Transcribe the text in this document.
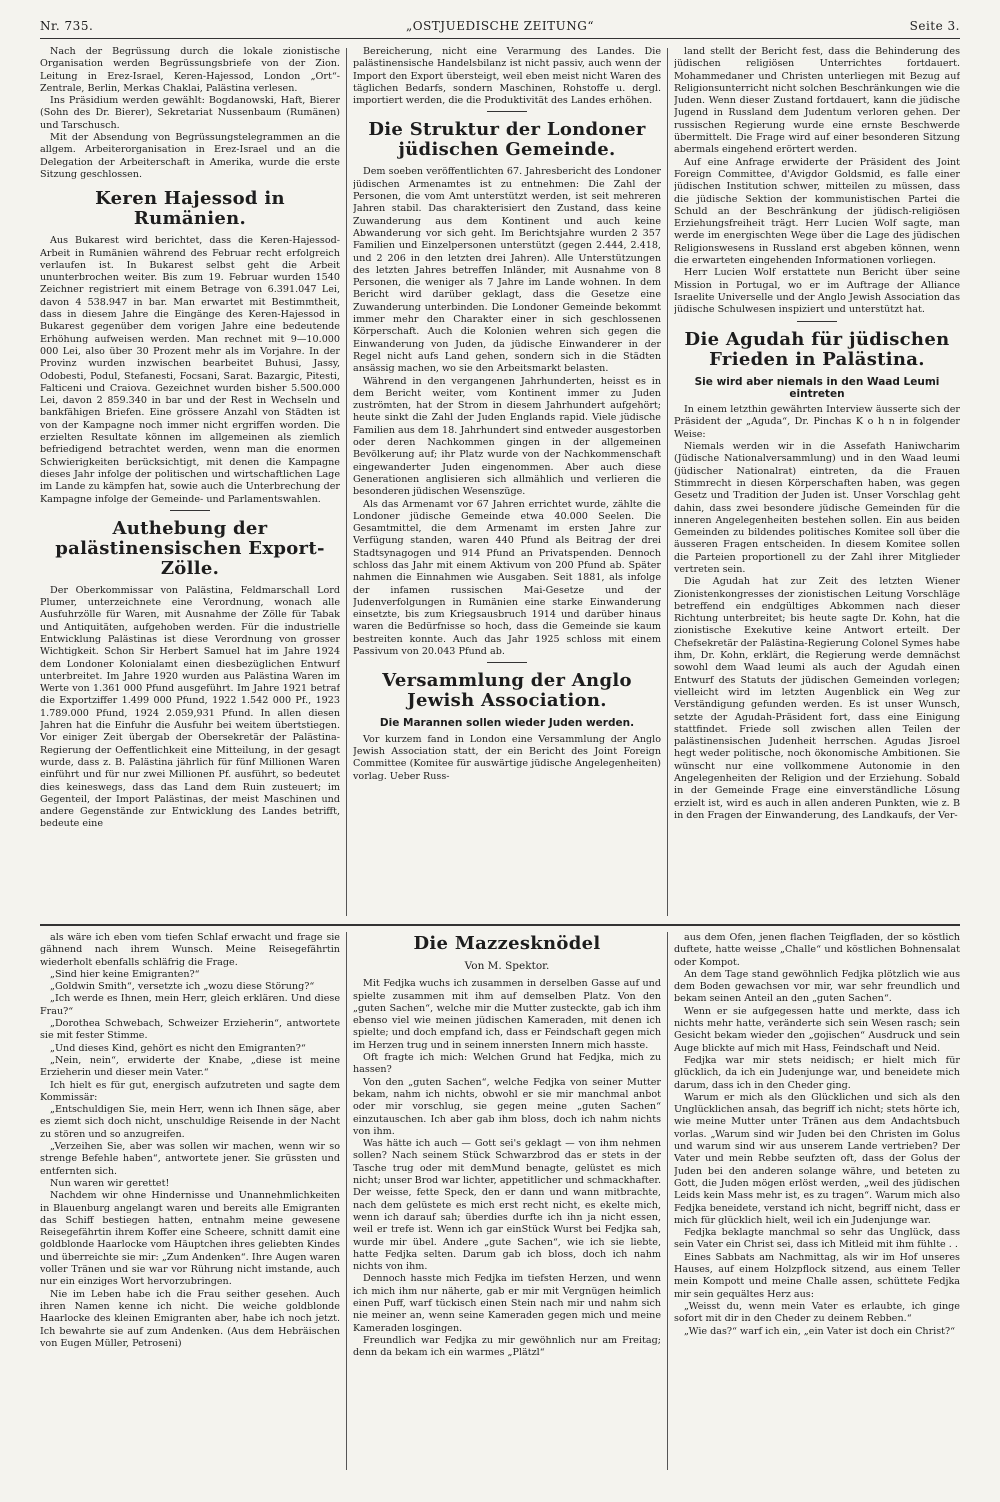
Nr. 735.	„OSTJUEDISCHE ZEITUNG“	Seite 3.

Nach der Begrüssung durch die lokale zionistische Organisation werden Begrüssungsbriefe von der Zion. Leitung in Erez-Israel, Keren-Hajessod, London „Ort“-Zentrale, Berlin, Merkas Chaklai, Palästina verlesen.

Ins Präsidium werden gewählt: Bogdanowski, Haft, Bierer (Sohn des Dr. Bierer), Sekretariat Nussenbaum (Rumänen) und Tarschusch.

Mit der Absendung von Begrüssungstelegrammen an die allgem. Arbeiterorganisation in Erez-Israel und an die Delegation der Arbeiterschaft in Amerika, wurde die erste Sitzung geschlossen.

Keren Hajessod in Rumänien.

Aus Bukarest wird berichtet, dass die Keren-Hajessod-Arbeit in Rumänien während des Februar recht erfolgreich verlaufen ist. In Bukarest selbst geht die Arbeit ununterbrochen weiter. Bis zum 19. Februar wurden 1540 Zeichner registriert mit einem Betrage von 6.391.047 Lei, davon 4 538.947 in bar. Man erwartet mit Bestimmtheit, dass in diesem Jahre die Eingänge des Keren-Hajessod in Bukarest gegenüber dem vorigen Jahre eine bedeutende Erhöhung aufweisen werden. Man rechnet mit 9—10.000 000 Lei, also über 30 Prozent mehr als im Vorjahre. In der Provinz wurden inzwischen bearbeitet Buhusi, Jassy, Odobesti, Podul, Stefanesti, Focsani, Sarat. Bazargic, Pitesti, Falticeni und Craiova. Gezeichnet wurden bisher 5.500.000 Lei, davon 2 859.340 in bar und der Rest in Wechseln und bankfähigen Briefen. Eine grössere Anzahl von Städten ist von der Kampagne noch immer nicht ergriffen worden. Die erzielten Resultate können im allgemeinen als ziemlich befriedigend betrachtet werden, wenn man die enormen Schwierigkeiten berücksichtigt, mit denen die Kampagne dieses Jahr infolge der politischen und wirtschaftlichen Lage im Lande zu kämpfen hat, sowie auch die Unterbrechung der Kampagne infolge der Gemeinde- und Parlamentswahlen.

Authebung der palästinensischen Export-Zölle.

Der Oberkommissar von Palästina, Feldmarschall Lord Plumer, unterzeichnete eine Verordnung, wonach alle Ausfuhrzölle für Waren, mit Ausnahme der Zölle für Tabak und Antiquitäten, aufgehoben werden. Für die industrielle Entwicklung Palästinas ist diese Verordnung von grosser Wichtigkeit. Schon Sir Herbert Samuel hat im Jahre 1924 dem Londoner Kolonialamt einen diesbezüglichen Entwurf unterbreitet. Im Jahre 1920 wurden aus Palästina Waren im Werte von 1.361 000 Pfund ausgeführt. Im Jahre 1921 betraf die Exportziffer 1.499 000 Pfund, 1922 1.542 000 Pf., 1923 1.789.000 Pfund, 1924 2.059,931 Pfund. In allen diesen Jahren hat die Einfuhr die Ausfuhr bei weitem übertstiegen. Vor einiger Zeit übergab der Obersekretär der Palästina-Regierung der Oeffentlichkeit eine Mitteilung, in der gesagt wurde, dass z. B. Palästina jährlich für fünf Millionen Waren einführt und für nur zwei Millionen Pf. ausführt, so bedeutet dies keineswegs, dass das Land dem Ruin zusteuert; im Gegenteil, der Import Palästinas, der meist Maschinen und andere Gegenstände zur Entwicklung des Landes betrifft, bedeute eine

Bereicherung, nicht eine Verarmung des Landes. Die palästinensische Handelsbilanz ist nicht passiv, auch wenn der Import den Export übersteigt, weil eben meist nicht Waren des täglichen Bedarfs, sondern Maschinen, Rohstoffe u. dergl. importiert werden, die die Produktivität des Landes erhöhen.

Die Struktur der Londoner jüdischen Gemeinde.

Dem soeben veröffentlichten 67. Jahresbericht des Londoner jüdischen Armenamtes ist zu entnehmen: Die Zahl der Personen, die vom Amt unterstützt werden, ist seit mehreren Jahren stabil. Das charakterisiert den Zustand, dass keine Zuwanderung aus dem Kontinent und auch keine Abwanderung vor sich geht. Im Berichtsjahre wurden 2 357 Familien und Einzelpersonen unterstützt (gegen 2.444, 2.418, und 2 206 in den letzten drei Jahren). Alle Unterstützungen des letzten Jahres betreffen Inländer, mit Ausnahme von 8 Personen, die weniger als 7 Jahre im Lande wohnen. In dem Bericht wird darüber geklagt, dass die Gesetze eine Zuwanderung unterbinden. Die Londoner Gemeinde bekommt immer mehr den Charakter einer in sich geschlossenen Körperschaft. Auch die Kolonien wehren sich gegen die Einwanderung von Juden, da jüdische Einwanderer in der Regel nicht aufs Land gehen, sondern sich in die Städten ansässig machen, wo sie den Arbeitsmarkt belasten.

Während in den vergangenen Jahrhunderten, heisst es in dem Bericht weiter, vom Kontinent immer zu Juden zuströmten, hat der Strom in diesem Jahrhundert aufgehört; heute sinkt die Zahl der Juden Englands rapid. Viele jüdische Familien aus dem 18. Jahrhundert sind entweder ausgestorben oder deren Nachkommen gingen in der allgemeinen Bevölkerung auf; ihr Platz wurde von der Nachkommenschaft eingewanderter Juden eingenommen. Aber auch diese Generationen anglisieren sich allmählich und verlieren die besonderen jüdischen Wesenszüge.

Als das Armenamt vor 67 Jahren errichtet wurde, zählte die Londoner jüdische Gemeinde etwa 40.000 Seelen. Die Gesamtmittel, die dem Armenamt im ersten Jahre zur Verfügung standen, waren 440 Pfund als Beitrag der drei Stadtsynagogen und 914 Pfund an Privatspenden. Dennoch schloss das Jahr mit einem Aktivum von 200 Pfund ab. Später nahmen die Einnahmen wie Ausgaben. Seit 1881, als infolge der infamen russischen Mai-Gesetze und der Judenverfolgungen in Rumänien eine starke Einwanderung einsetzte, bis zum Kriegsausbruch 1914 und darüber hinaus waren die Bedürfnisse so hoch, dass die Gemeinde sie kaum bestreiten konnte. Auch das Jahr 1925 schloss mit einem Passivum von 20.043 Pfund ab.

Versammlung der Anglo Jewish Association.
Die Marannen sollen wieder Juden werden.

Vor kurzem fand in London eine Versammlung der Anglo Jewish Association statt, der ein Bericht des Joint Foreign Committee (Komitee für auswärtige jüdische Angelegenheiten) vorlag. Ueber Russ-

land stellt der Bericht fest, dass die Behinderung des jüdischen religiösen Unterrichtes fortdauert. Mohammedaner und Christen unterliegen mit Bezug auf Religionsunterricht nicht solchen Beschränkungen wie die Juden. Wenn dieser Zustand fortdauert, kann die jüdische Jugend in Russland dem Judentum verloren gehen. Der russischen Regierung wurde eine ernste Beschwerde übermittelt. Die Frage wird auf einer besonderen Sitzung abermals eingehend erörtert werden.

Auf eine Anfrage erwiderte der Präsident des Joint Foreign Committee, d'Avigdor Goldsmid, es falle einer jüdischen Institution schwer, mitteilen zu müssen, dass die jüdische Sektion der kommunistischen Partei die Schuld an der Beschränkung der jüdisch-religiösen Erziehungsfreiheit trägt. Herr Lucien Wolf sagte, man werde im energischten Wege über die Lage des jüdischen Religionswesens in Russland erst abgeben können, wenn die erwarteten eingehenden Informationen vorliegen.

Herr Lucien Wolf erstattete nun Bericht über seine Mission in Portugal, wo er im Auftrage der Alliance Israelite Universelle und der Anglo Jewish Association das jüdische Schulwesen inspiziert und unterstützt hat.

Die Agudah für jüdischen Frieden in Palästina.
Sie wird aber niemals in den Waad Leumi eintreten

In einem letzthin gewährten Interview äusserte sich der Präsident der „Aguda“, Dr. Pinchas K o h n in folgender Weise:

Niemals werden wir in die Assefath Haniwcharim (Jüdische Nationalversammlung) und in den Waad leumi (jüdischer Nationalrat) eintreten, da die Frauen Stimmrecht in diesen Körperschaften haben, was gegen Gesetz und Tradition der Juden ist. Unser Vorschlag geht dahin, dass zwei besondere jüdische Gemeinden für die inneren Angelegenheiten bestehen sollen. Ein aus beiden Gemeinden zu bildendes politisches Komitee soll über die äusseren Fragen entscheiden. In diesem Komitee sollen die Parteien proportionell zu der Zahl ihrer Mitglieder vertreten sein.

Die Agudah hat zur Zeit des letzten Wiener Zionistenkongresses der zionistischen Leitung Vorschläge betreffend ein endgültiges Abkommen nach dieser Richtung unterbreitet; bis heute sagte Dr. Kohn, hat die zionistische Exekutive keine Antwort erteilt. Der Chefsekretär der Palästina-Regierung Colonel Symes habe ihm, Dr. Kohn, erklärt, die Regierung werde demnächst sowohl dem Waad leumi als auch der Agudah einen Entwurf des Statuts der jüdischen Gemeinden vorlegen; vielleicht wird im letzten Augenblick ein Weg zur Verständigung gefunden werden. Es ist unser Wunsch, setzte der Agudah-Präsident fort, dass eine Einigung stattfindet. Friede soll zwischen allen Teilen der palästinensischen Judenheit herrschen. Agudas Jisroel hegt weder politische, noch ökonomische Ambitionen. Sie wünscht nur eine vollkommene Autonomie in den Angelegenheiten der Religion und der Erziehung. Sobald in der Gemeinde Frage eine einverständliche Lösung erzielt ist, wird es auch in allen anderen Punkten, wie z. B in den Fragen der Einwanderung, des Landkaufs, der Ver-

als wäre ich eben vom tiefen Schlaf erwacht und frage sie gähnend nach ihrem Wunsch. Meine Reisegefährtin wiederholt ebenfalls schläfrig die Frage.

„Sind hier keine Emigranten?“

„Goldwin Smith“, versetzte ich „wozu diese Störung?“

„Ich werde es Ihnen, mein Herr, gleich erklären. Und diese Frau?“

„Dorothea Schwebach, Schweizer Erzieherin“, antwortete sie mit fester Stimme.

„Und dieses Kind, gehört es nicht den Emigranten?“

„Nein, nein“, erwiderte der Knabe, „diese ist meine Erzieherin und dieser mein Vater.“

Ich hielt es für gut, energisch aufzutreten und sagte dem Kommissär:

„Entschuldigen Sie, mein Herr, wenn ich Ihnen säge, aber es ziemt sich doch nicht, unschuldige Reisende in der Nacht zu stören und so anzugreifen.

„Verzeihen Sie, aber was sollen wir machen, wenn wir so strenge Befehle haben“, antwortete jener. Sie grüssten und entfernten sich.

Nun waren wir gerettet!

Nachdem wir ohne Hindernisse und Unannehmlichkeiten in Blauenburg angelangt waren und bereits alle Emigranten das Schiff bestiegen hatten, entnahm meine gewesene Reisegefährtin ihrem Koffer eine Scheere, schnitt damit eine goldblonde Haarlocke vom Häuptchen ihres geliebten Kindes und überreichte sie mir: „Zum Andenken“. Ihre Augen waren voller Tränen und sie war vor Rührung nicht imstande, auch nur ein einziges Wort hervorzubringen.

Nie im Leben habe ich die Frau seither gesehen. Auch ihren Namen kenne ich nicht. Die weiche goldblonde Haarlocke des kleinen Emigranten aber, habe ich noch jetzt. Ich bewahrte sie auf zum Andenken. (Aus dem Hebräischen von Eugen Müller, Petroseni)

Die Mazzesknödel
Von M. Spektor.

Mit Fedjka wuchs ich zusammen in derselben Gasse auf und spielte zusammen mit ihm auf demselben Platz. Von den „guten Sachen“, welche mir die Mutter zusteckte, gab ich ihm ebenso viel wie meinen jüdischen Kameraden, mit denen ich spielte; und doch empfand ich, dass er Feindschaft gegen mich im Herzen trug und in seinem innersten Innern mich hasste.

Oft fragte ich mich: Welchen Grund hat Fedjka, mich zu hassen?

Von den „guten Sachen“, welche Fedjka von seiner Mutter bekam, nahm ich nichts, obwohl er sie mir manchmal anbot oder mir vorschlug, sie gegen meine „guten Sachen“ einzutauschen. Ich aber gab ihm bloss, doch ich nahm nichts von ihm.

Was hätte ich auch — Gott sei's geklagt — von ihm nehmen sollen? Nach seinem Stück Schwarzbrod das er stets in der Tasche trug oder mit demMund benagte, gelüstet es mich nicht; unser Brod war lichter, appetitlicher und schmackhafter. Der weisse, fette Speck, den er dann und wann mitbrachte, nach dem gelüstete es mich erst recht nicht, es ekelte mich, wenn ich darauf sah; überdies durfte ich ihn ja nicht essen, weil er trefe ist. Wenn ich gar einStück Wurst bei Fedjka sah, wurde mir übel. Andere „gute Sachen“, wie ich sie liebte, hatte Fedjka selten. Darum gab ich bloss, doch ich nahm nichts von ihm.

Dennoch hasste mich Fedjka im tiefsten Herzen, und wenn ich mich ihm nur näherte, gab er mir mit Vergnügen heimlich einen Puff, warf tückisch einen Stein nach mir und nahm sich nie meiner an, wenn seine Kameraden gegen mich und meine Kameraden losgingen.

Freundlich war Fedjka zu mir gewöhnlich nur am Freitag; denn da bekam ich ein warmes „Plätzl“

aus dem Ofen, jenen flachen Teigfladen, der so köstlich duftete, hatte weisse „Challe“ und köstlichen Bohnensalat oder Kompot.

An dem Tage stand gewöhnlich Fedjka plötzlich wie aus dem Boden gewachsen vor mir, war sehr freundlich und bekam seinen Anteil an den „guten Sachen“.

Wenn er sie aufgegessen hatte und merkte, dass ich nichts mehr hatte, veränderte sich sein Wesen rasch; sein Gesicht bekam wieder den „gojischen“ Ausdruck und sein Auge blickte auf mich mit Hass, Feindschaft und Neid.

Fedjka war mir stets neidisch; er hielt mich für glücklich, da ich ein Judenjunge war, und beneidete mich darum, dass ich in den Cheder ging.

Warum er mich als den Glücklichen und sich als den Unglücklichen ansah, das begriff ich nicht; stets hörte ich, wie meine Mutter unter Tränen aus dem Andachtsbuch vorlas. „Warum sind wir Juden bei den Christen im Golus und warum sind wir aus unserem Lande vertrieben? Der Vater und mein Rebbe seufzten oft, dass der Golus der Juden bei den anderen solange währe, und beteten zu Gott, die Juden mögen erlöst werden, „weil des jüdischen Leids kein Mass mehr ist, es zu tragen“. Warum mich also Fedjka beneidete, verstand ich nicht, begriff nicht, dass er mich für glücklich hielt, weil ich ein Judenjunge war.

Fedjka beklagte manchmal so sehr das Unglück, dass sein Vater ein Christ sei, dass ich Mitleid mit ihm fühlte . .

Eines Sabbats am Nachmittag, als wir im Hof unseres Hauses, auf einem Holzpflock sitzend, aus einem Teller mein Kompott und meine Challe assen, schüttete Fedjka mir sein gequältes Herz aus:

„Weisst du, wenn mein Vater es erlaubte, ich ginge sofort mit dir in den Cheder zu deinem Rebben.“

„Wie das?“ warf ich ein, „ein Vater ist doch ein Christ?“
